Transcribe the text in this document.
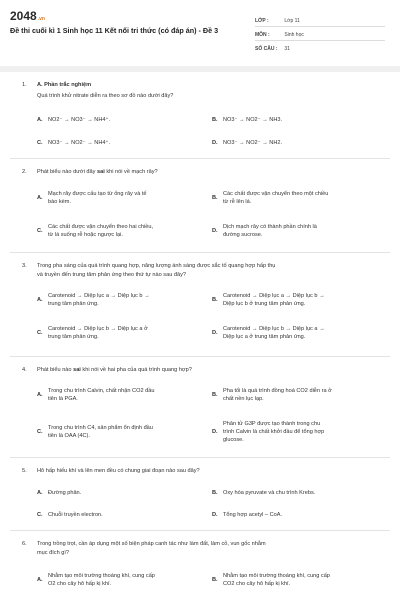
2048.vn
Đề thi cuối kì 1 Sinh học 11 Kết nối tri thức (có đáp án) - Đề 3
LỚP :	Lớp 11
MÔN :	Sinh học
SỐ CÂU : 31
1. A. Phần trắc nghiệm
Quá trình khử nitrate diễn ra theo sơ đồ nào dưới đây?
A. NO2⁻ → NO3⁻ → NH4⁺.	B. NO3⁻ → NO2⁻ → NH3.
C. NO3⁻ → NO2⁻ → NH4⁺.	D. NO3⁻ → NO2⁻ → NH2.
2. Phát biểu nào dưới đây sai khi nói về mạch rây?
A.
Mạch rây được cấu tạo từ ống rây và tế
bào kèm.
B.
Các chất được vận chuyển theo một chiều
từ rễ lên lá.
C.
Các chất được vận chuyển theo hai chiều,
từ lá xuống rễ hoặc ngược lại.
D.
Dịch mạch rây có thành phần chính là
đường sucrose.
3. Trong pha sáng của quá trình quang hợp, năng lượng ánh sáng được sắc tố quang hợp hấp thụ
và truyền đến trung tâm phản ứng theo thứ tự nào sau đây?
A.
Carotenoid → Diệp lục a → Diệp lục b →
trung tâm phản ứng.
B.
Carotenoid → Diệp lục a → Diệp lục b →
Diệp lục b ở trung tâm phản ứng.
C.
Carotenoid → Diệp lục b → Diệp lục a ở
trung tâm phản ứng.
D.
Carotenoid → Diệp lục b → Diệp lục a →
Diệp lục a ở trung tâm phản ứng.
4. Phát biểu nào sai khi nói về hai pha của quá trình quang hợp?
A.
Trong chu trình Calvin, chất nhận CO2 đầu
tiên là PGA.
B.
Pha tối là quá trình đồng hoá CO2 diễn ra ở
chất nền lục lạp.
C.
Trong chu trình C4, sản phẩm ổn định đầu
tiên là OAA (4C).
D.
Phân tử G3P được tạo thành trong chu
trình Calvin là chất khởi đầu để tổng hợp
glucose.
5. Hô hấp hiếu khí và lên men đều có chung giai đoạn nào sau đây?
A. Đường phân.	B. Oxy hóa pyruvate và chu trình Krebs.
C. Chuỗi truyền electron.	D. Tổng hợp acetyl – CoA.
6. Trong trồng trọt, cần áp dụng một số biện pháp canh tác như làm đất, làm cỏ, vun gốc nhằm
mục đích gì?
A.
Nhằm tạo môi trường thoáng khí, cung cấp
O2 cho cây hô hấp kị khí.
B.
Nhằm tạo môi trường thoáng khí, cung cấp
CO2 cho cây hô hấp kị khí.
